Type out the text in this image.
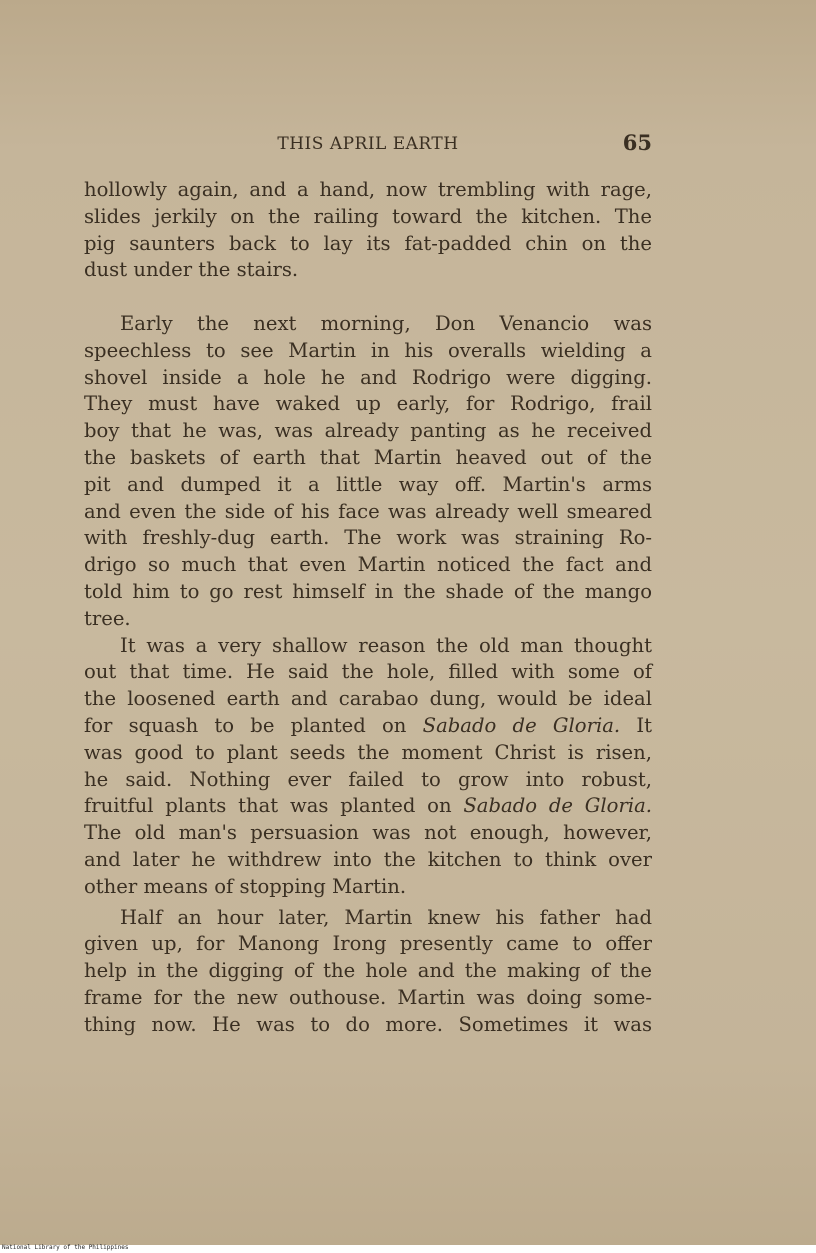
THIS APRIL EARTH	65

hollowly again, and a hand, now trembling with rage,
slides jerkily on the railing toward the kitchen. The
pig saunters back to lay its fat-padded chin on the
dust under the stairs.

Early the next morning, Don Venancio was
speechless to see Martin in his overalls wielding a
shovel inside a hole he and Rodrigo were digging.
They must have waked up early, for Rodrigo, frail
boy that he was, was already panting as he received
the baskets of earth that Martin heaved out of the
pit and dumped it a little way off. Martin's arms
and even the side of his face was already well smeared
with freshly-dug earth. The work was straining Ro-
drigo so much that even Martin noticed the fact and
told him to go rest himself in the shade of the mango
tree.

It was a very shallow reason the old man thought
out that time. He said the hole, filled with some of
the loosened earth and carabao dung, would be ideal
for squash to be planted on Sabado de Gloria. It
was good to plant seeds the moment Christ is risen,
he said. Nothing ever failed to grow into robust,
fruitful plants that was planted on Sabado de Gloria.
The old man's persuasion was not enough, however,
and later he withdrew into the kitchen to think over
other means of stopping Martin.

Half an hour later, Martin knew his father had
given up, for Manong Irong presently came to offer
help in the digging of the hole and the making of the
frame for the new outhouse. Martin was doing some-
thing now. He was to do more. Sometimes it was

National Library of the Philippines
